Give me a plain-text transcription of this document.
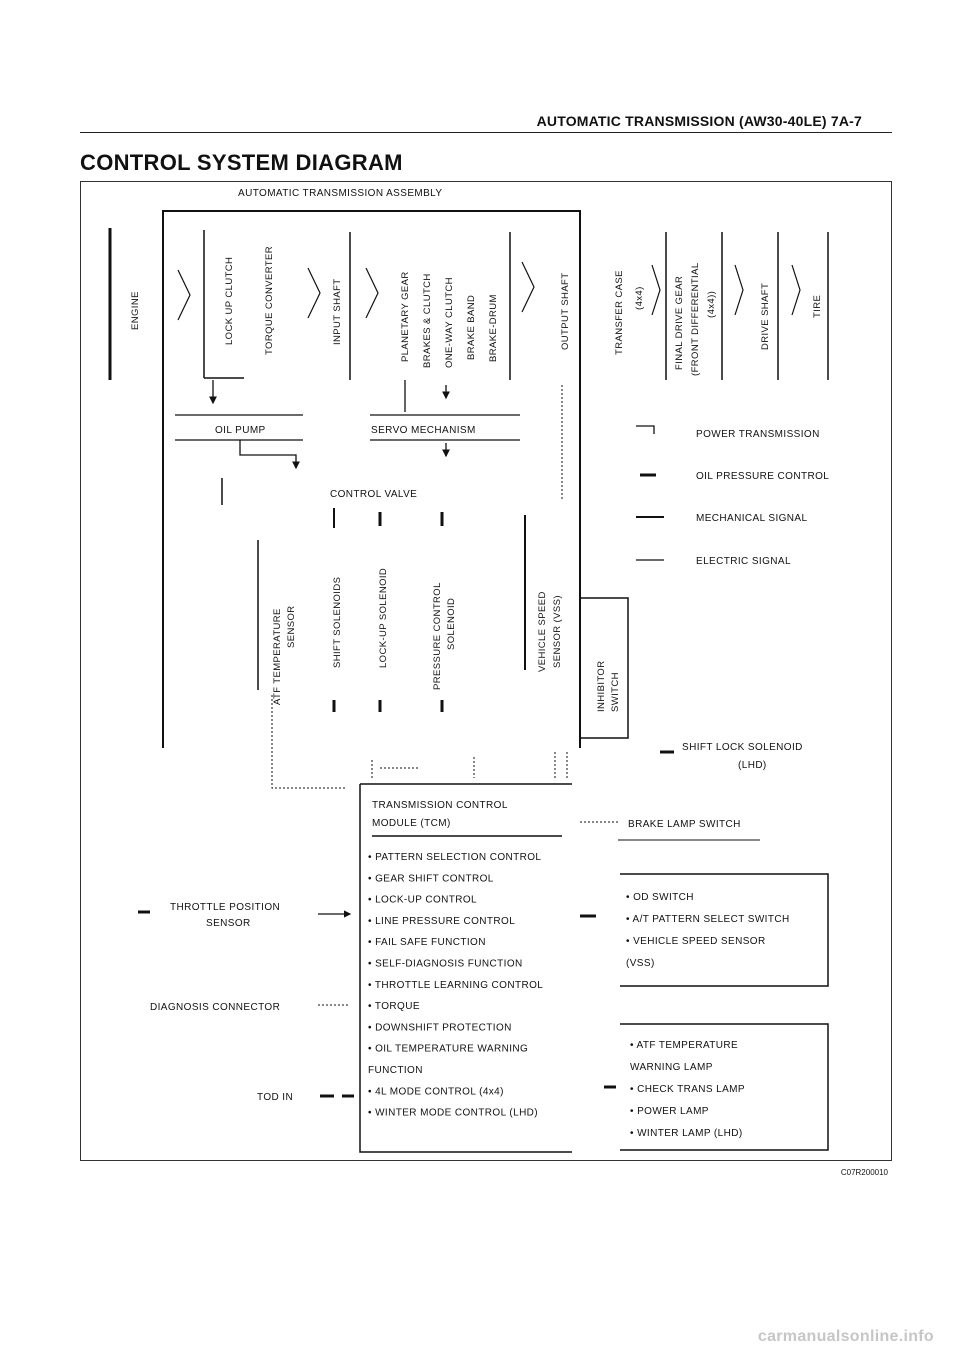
AUTOMATIC TRANSMISSION (AW30-40LE) 7A-7
CONTROL SYSTEM DIAGRAM
AUTOMATIC TRANSMISSION ASSEMBLY
ENGINE	LOCK UP CLUTCH	TORQUE CONVERTER	INPUT SHAFT	PLANETARY GEAR BRAKES & CLUTCH ONE-WAY CLUTCH BRAKE BAND BRAKE-DRUM	OUTPUT SHAFT	TRANSFER CASE (4x4)	FINAL DRIVE GEAR (FRONT DIFFERENTIAL (4x4))	DRIVE SHAFT	TIRE
OIL PUMP	SERVO MECHANISM
CONTROL VALVE
ATF TEMPERATURE SENSOR	SHIFT SOLENOIDS	LOCK-UP SOLENOID	PRESSURE CONTROL SOLENOID	VEHICLE SPEED SENSOR (VSS)
INHIBITOR SWITCH
POWER TRANSMISSION
OIL PRESSURE CONTROL
MECHANICAL SIGNAL
ELECTRIC SIGNAL
SHIFT LOCK SOLENOID
(LHD)
TRANSMISSION CONTROL
MODULE (TCM)
• PATTERN SELECTION CONTROL
• GEAR SHIFT CONTROL
• LOCK-UP CONTROL
• LINE PRESSURE CONTROL
• FAIL SAFE FUNCTION
• SELF-DIAGNOSIS FUNCTION
• THROTTLE LEARNING CONTROL
• TORQUE
• DOWNSHIFT PROTECTION
• OIL TEMPERATURE WARNING
FUNCTION
• 4L MODE CONTROL (4x4)
• WINTER MODE CONTROL (LHD)
BRAKE LAMP SWITCH
THROTTLE POSITION
SENSOR
DIAGNOSIS CONNECTOR
TOD IN
• OD SWITCH
• A/T PATTERN SELECT SWITCH
• VEHICLE SPEED SENSOR
(VSS)
• ATF TEMPERATURE
WARNING LAMP
• CHECK TRANS LAMP
• POWER LAMP
• WINTER LAMP (LHD)
C07R200010
carmanualsonline.info
